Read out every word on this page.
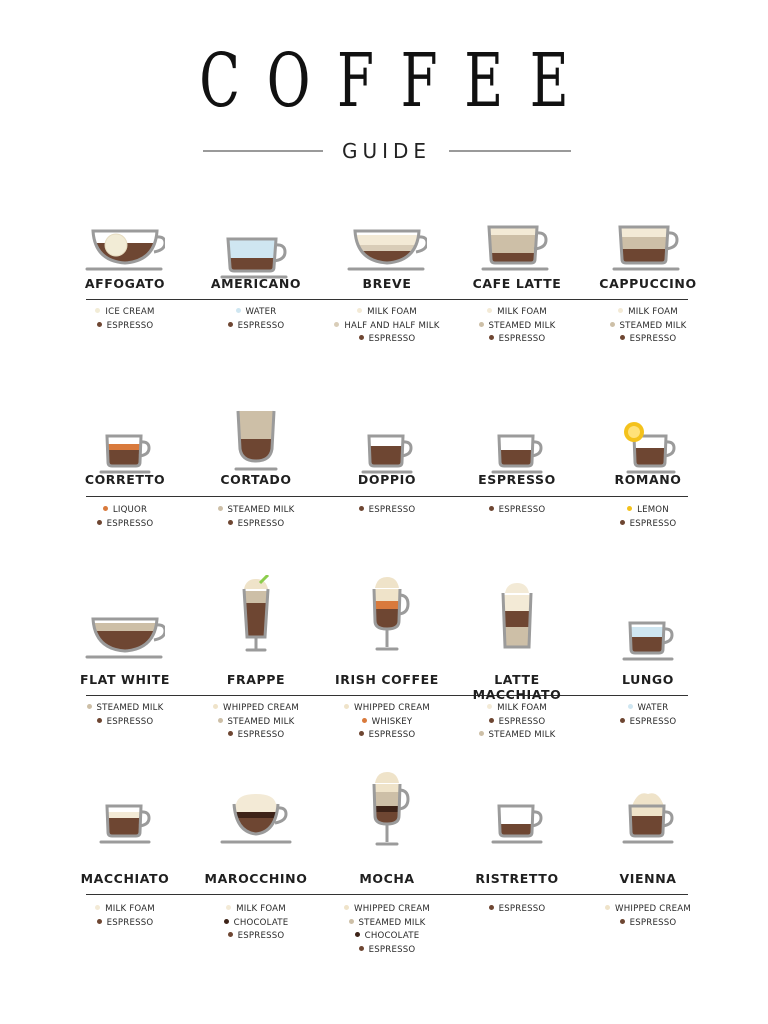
COFFEE
GUIDE
AFFOGATO
ICE CREAM
ESPRESSO
AMERICANO
WATER
ESPRESSO
BREVE
MILK FOAM
HALF AND HALF MILK
ESPRESSO
CAFE LATTE
MILK FOAM
STEAMED MILK
ESPRESSO
CAPPUCCINO
MILK FOAM
STEAMED MILK
ESPRESSO
CORRETTO
LIQUOR
ESPRESSO
CORTADO
STEAMED MILK
ESPRESSO
DOPPIO
ESPRESSO
ESPRESSO
ESPRESSO
ROMANO
LEMON
ESPRESSO
FLAT WHITE
STEAMED MILK
ESPRESSO
FRAPPE
WHIPPED CREAM
STEAMED MILK
ESPRESSO
IRISH COFFEE
WHIPPED CREAM
WHISKEY
ESPRESSO
LATTE MACCHIATO
MILK FOAM
ESPRESSO
STEAMED MILK
LUNGO
WATER
ESPRESSO
MACCHIATO
MILK FOAM
ESPRESSO
MAROCCHINO
MILK FOAM
CHOCOLATE
ESPRESSO
MOCHA
WHIPPED CREAM
STEAMED MILK
CHOCOLATE
ESPRESSO
RISTRETTO
ESPRESSO
VIENNA
WHIPPED CREAM
ESPRESSO
